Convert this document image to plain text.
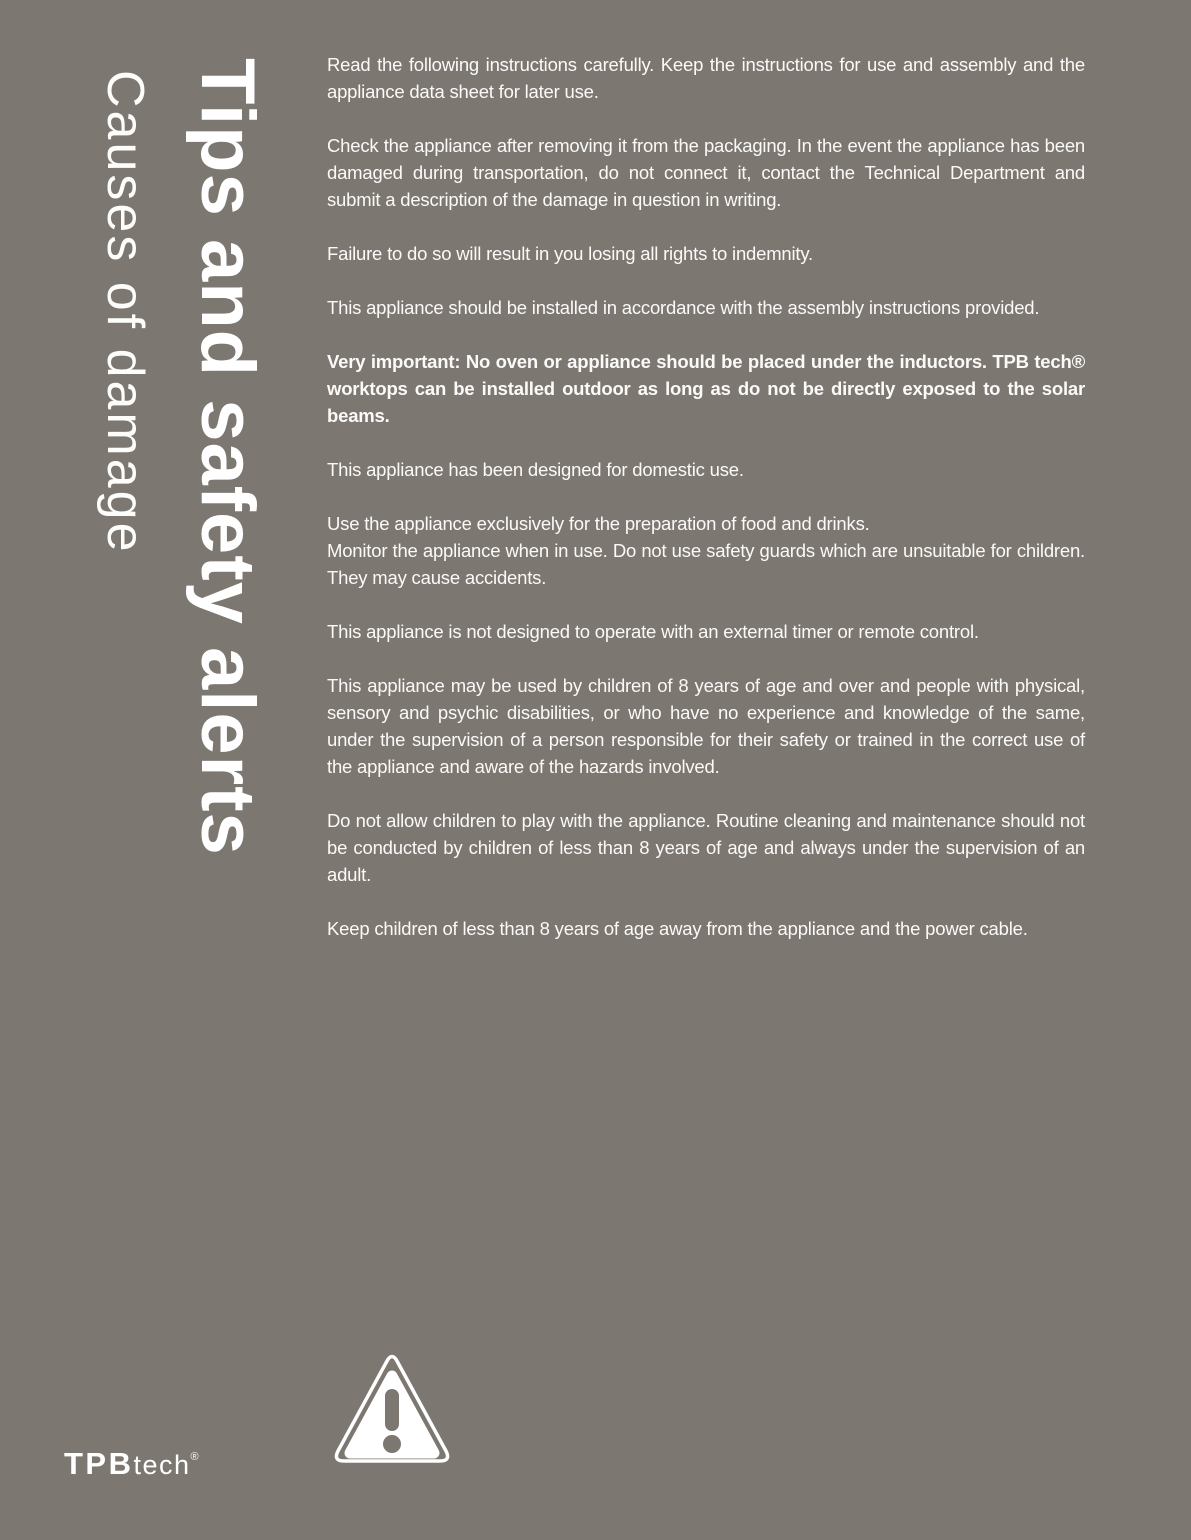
Causes of damage Tips and safety alerts	Read the following instructions carefully. Keep the instructions for use and assembly and the appliance data sheet for later use.

Check the appliance after removing it from the packaging. In the event the appliance has been damaged during transportation, do not connect it, contact the Technical Department and submit a description of the damage in question in writing.

Failure to do so will result in you losing all rights to indemnity.

This appliance should be installed in accordance with the assembly instructions provided.

Very important: No oven or appliance should be placed under the inductors. TPB tech® worktops can be installed outdoor as long as do not be directly exposed to the solar beams.

This appliance has been designed for domestic use.

Use the appliance exclusively for the preparation of food and drinks.

Monitor the appliance when in use. Do not use safety guards which are unsuitable for children. They may cause accidents.

This appliance is not designed to operate with an external timer or remote control.

This appliance may be used by children of 8 years of age and over and people with physical, sensory and psychic disabilities, or who have no experience and knowledge of the same, under the supervision of a person responsible for their safety or trained in the correct use of the appliance and aware of the hazards involved.

Do not allow children to play with the appliance. Routine cleaning and maintenance should not be conducted by children of less than 8 years of age and always under the supervision of an adult.

Keep children of less than 8 years of age away from the appliance and the power cable.

TPBtech®
